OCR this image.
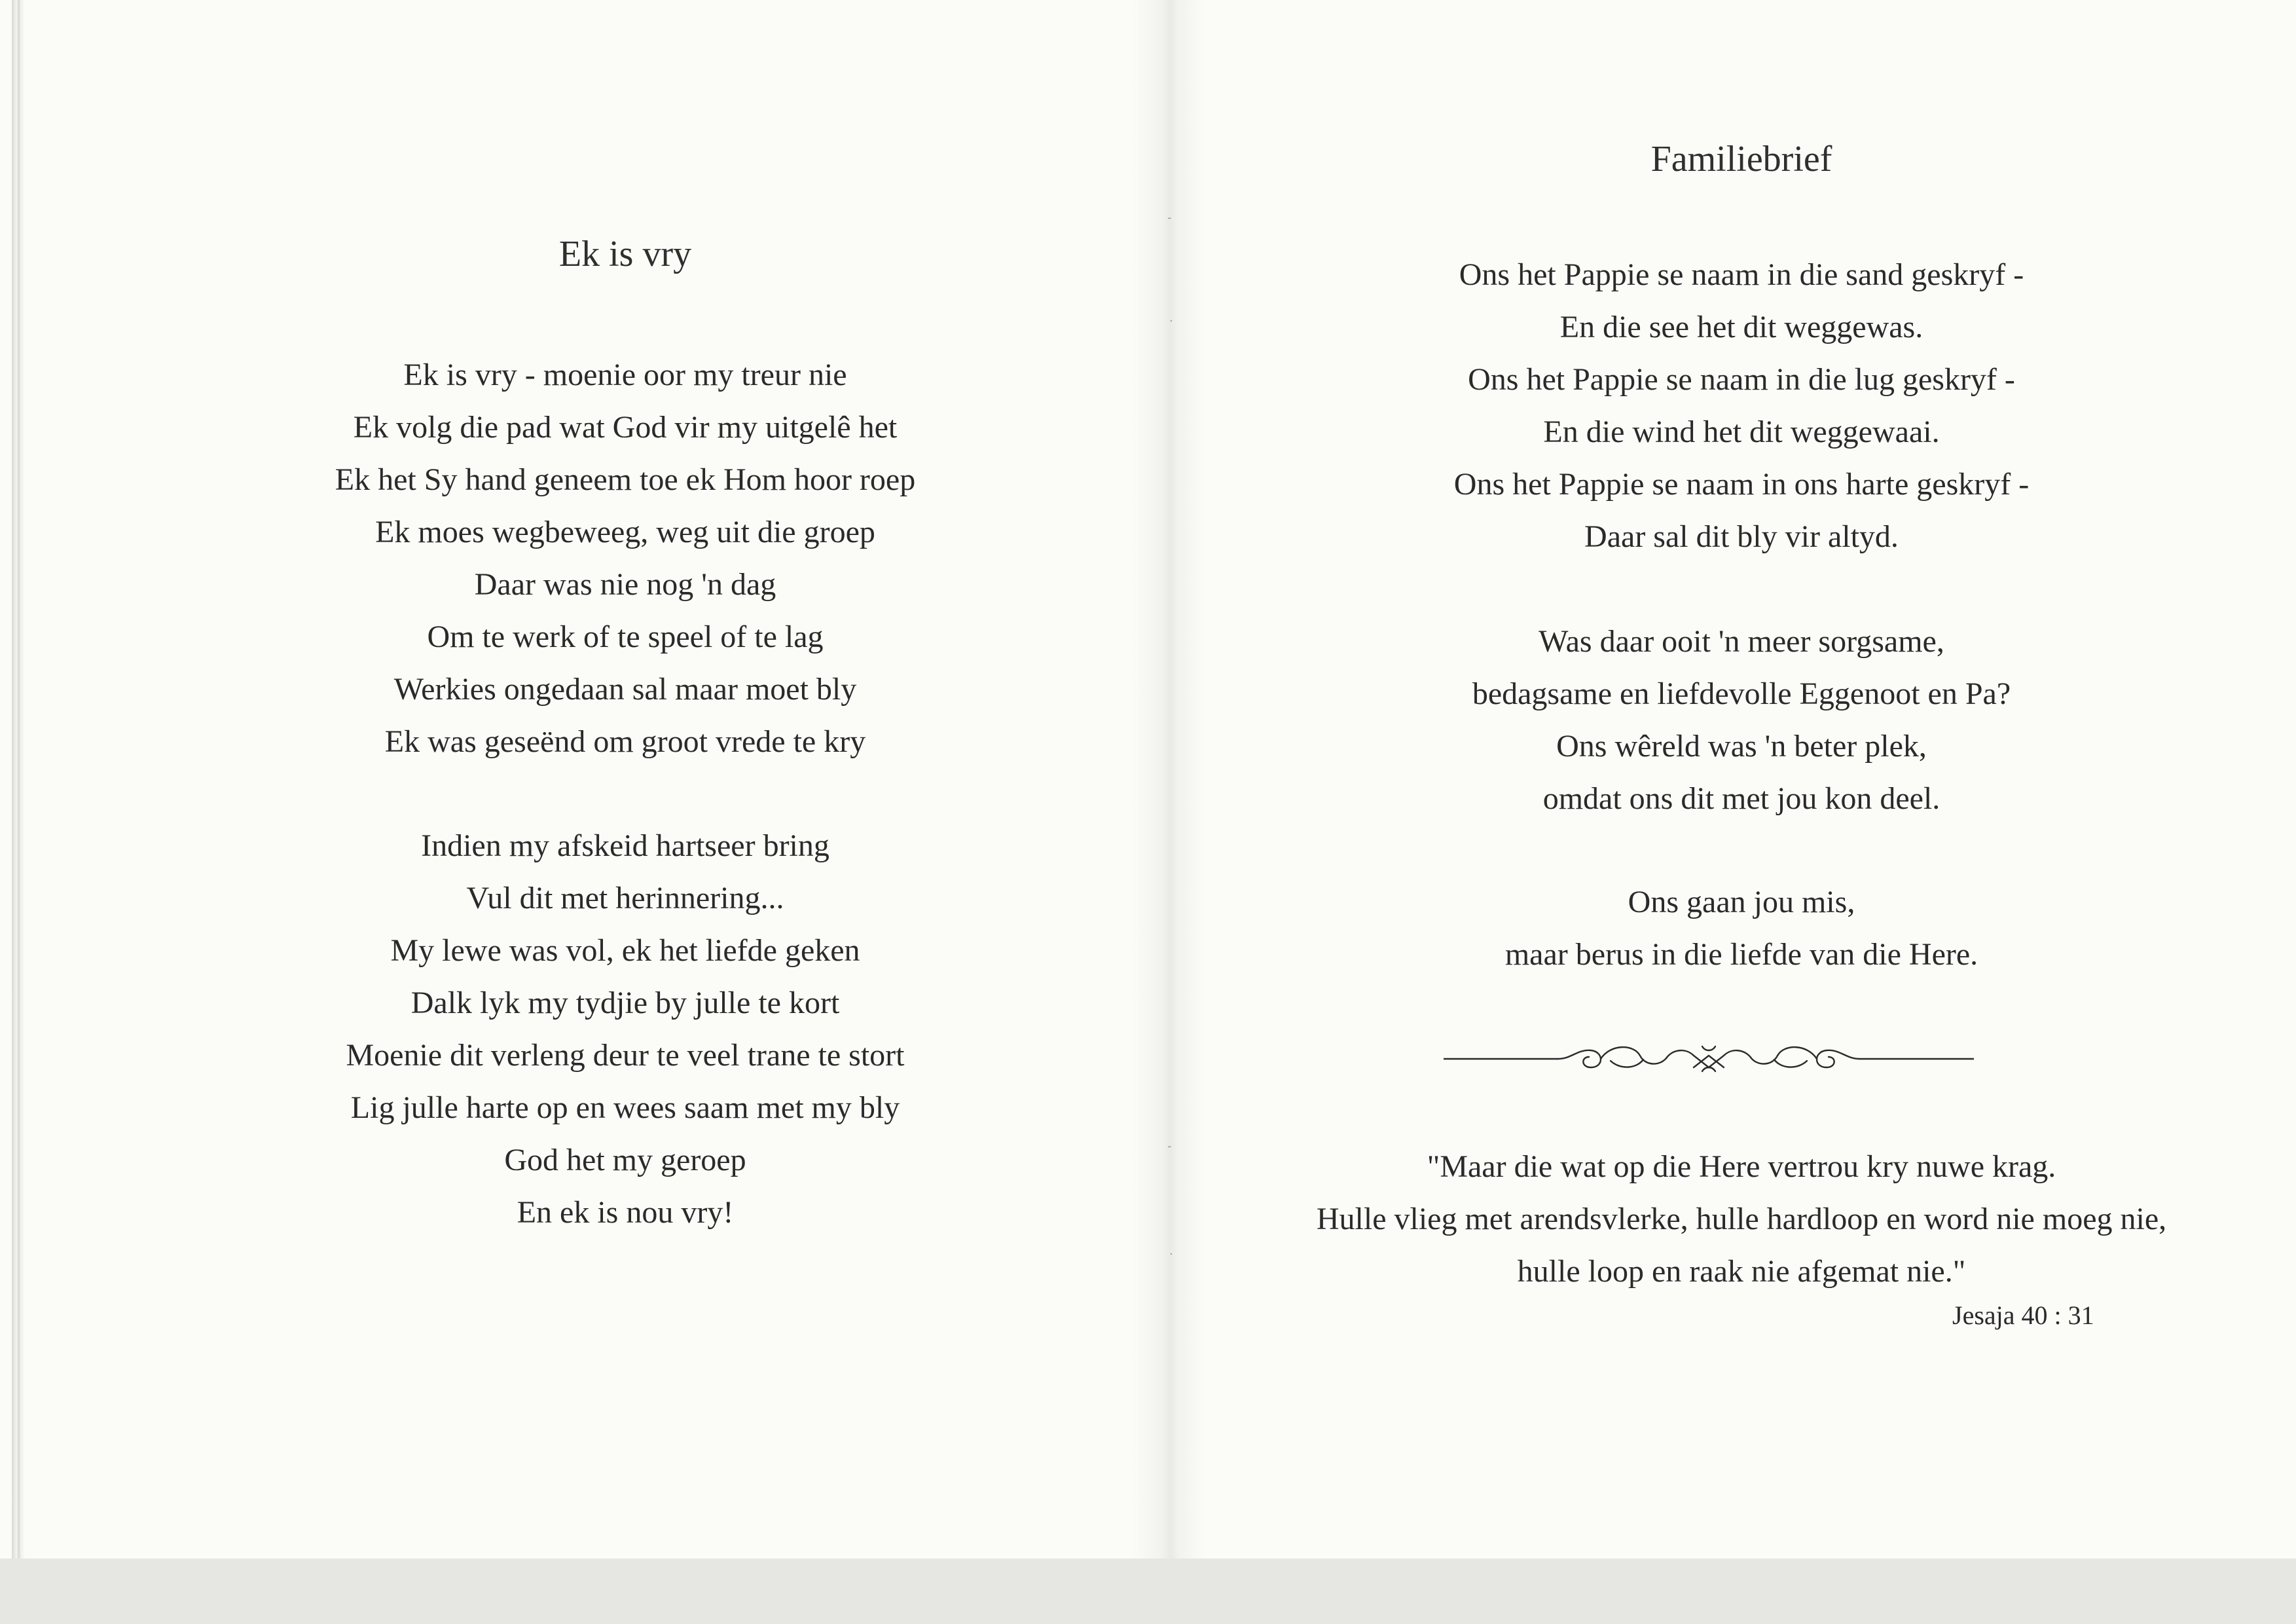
-
·
-
·
Ek is vry
Ek is vry - moenie oor my treur nie
Ek volg die pad wat God vir my uitgelê het
Ek het Sy hand geneem toe ek Hom hoor roep
Ek moes wegbeweeg, weg uit die groep
Daar was nie nog 'n dag
Om te werk of te speel of te lag
Werkies ongedaan sal maar moet bly
Ek was geseënd om groot vrede te kry
Indien my afskeid hartseer bring
Vul dit met herinnering...
My lewe was vol, ek het liefde geken
Dalk lyk my tydjie by julle te kort
Moenie dit verleng deur te veel trane te stort
Lig julle harte op en wees saam met my bly
God het my geroep
En ek is nou vry!
Familiebrief
Ons het Pappie se naam in die sand geskryf -
En die see het dit weggewas.
Ons het Pappie se naam in die lug geskryf -
En die wind het dit weggewaai.
Ons het Pappie se naam in ons harte geskryf -
Daar sal dit bly vir altyd.
Was daar ooit 'n meer sorgsame,
bedagsame en liefdevolle Eggenoot en Pa?
Ons wêreld was 'n beter plek,
omdat ons dit met jou kon deel.
Ons gaan jou mis,
maar berus in die liefde van die Here.
"Maar die wat op die Here vertrou kry nuwe krag.
Hulle vlieg met arendsvlerke, hulle hardloop en word nie moeg nie,
hulle loop en raak nie afgemat nie."
Jesaja 40 : 31
